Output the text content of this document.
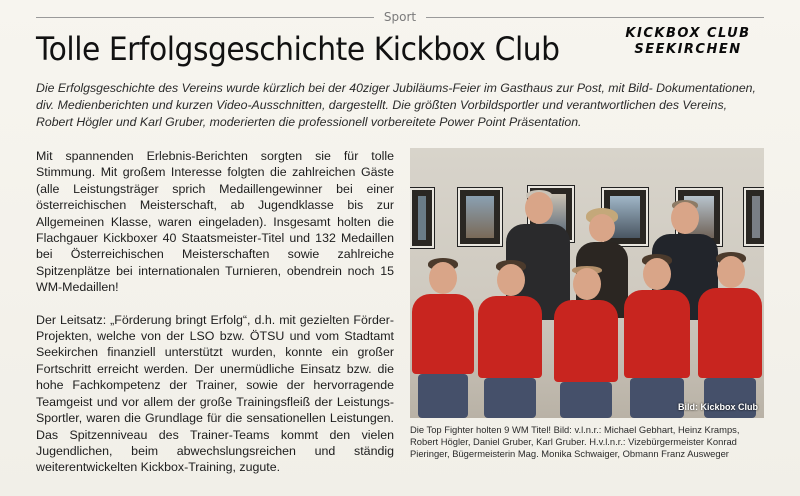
Sport
Tolle Erfolgsgeschichte Kickbox Club	KICKBOX CLUB
SEEKIRCHEN

Die Erfolgsgeschichte des Vereins wurde kürzlich bei der 40ziger Jubiläums-Feier im Gasthaus zur Post, mit Bild- Dokumentationen, div. Medienberichten und kurzen Video-Ausschnitten, dargestellt. Die größten Vorbildsportler und verantwortlichen des Vereins, Robert Högler und Karl Gruber, moderierten die professionell vorbereitete Power Point Präsentation.

Mit spannenden Erlebnis-Berichten sorgten sie für tolle Stimmung. Mit großem Interesse folgten die zahlreichen Gäste (alle Leistungsträger sprich Medaillengewinner bei einer österreichischen Meisterschaft, ab Jugendklasse bis zur Allgemeinen Klasse, waren eingeladen). Insgesamt holten die Flachgauer Kickboxer 40 Staatsmeister-Titel und 132 Medaillen bei Österreichischen Meisterschaften sowie zahlreiche Spitzenplätze bei internationalen Turnieren, obendrein noch 15 WM-Medaillen!

Der Leitsatz: „Förderung bringt Erfolg“, d.h. mit gezielten Förder-Projekten, welche von der LSO bzw. ÖTSU und vom Stadtamt Seekirchen finanziell unterstützt wurden, konnte ein großer Fortschritt erreicht werden. Der unermüdliche Einsatz bzw. die hohe Fachkompetenz der Trainer, sowie der hervorragende Teamgeist und vor allem der große Trainingsfleiß der Leistungs-Sportler, waren die Grundlage für die sensationellen Leistungen. Das Spitzenniveau des Trainer-Teams kommt den vielen Jugendlichen, beim abwechslungsreichen und ständig weiterentwickelten Kickbox-Training, zugute.

Bild: Kickbox Club

Die Top Fighter holten 9 WM Titel! Bild: v.l.n.r.: Michael Gebhart, Heinz Kramps, Robert Högler, Daniel Gruber, Karl Gruber. H.v.l.n.r.: Vizebürgermeister Konrad Pieringer, Bügermeisterin Mag. Monika Schwaiger, Obmann Franz Ausweger
